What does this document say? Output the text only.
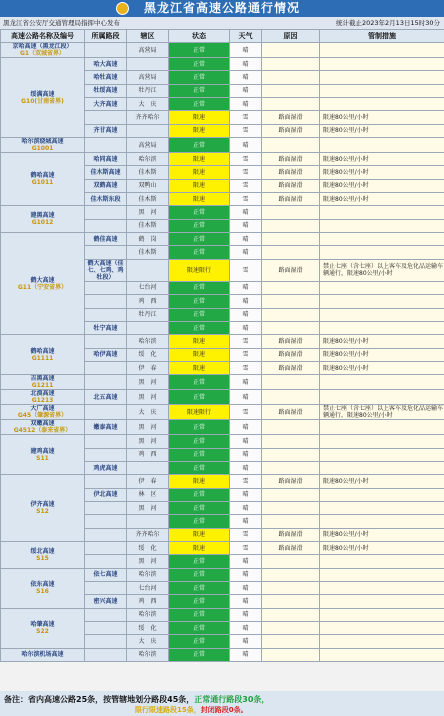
黑龙江省高速公路通行情况
黑龙江省公安厅交通管理局指挥中心发布	统计截止2023年2月13日15时30分
高速公路名称及编号	所属路段	辖区	状态	天气	原因	管制措施

京哈高速（黑龙江段）
G1（双城省界）		高营局	正常	晴		

绥满高速
G10(甘南省界)	哈大高速		正常	晴		
	哈牡高速	高营局	正常	晴		
	牡绥高速	牡丹江	正常	晴		
	大齐高速	大　庆	正常	晴		
		齐齐哈尔	限速	雪	路面湿滑	限速80公里/小时
	齐甘高速		限速	雪	路面湿滑	限速80公里/小时

哈尔滨绕城高速
G1001		高营局	正常	晴		

鹤哈高速
G1011	哈同高速	哈尔滨	限速	雪	路面湿滑	限速80公里/小时
	佳木斯高速	佳木斯	限速	雪	路面湿滑	限速80公里/小时
	双鹤高速	双鸭山	限速	雪	路面湿滑	限速80公里/小时
	佳木斯东段	佳木斯	限速	雪	路面湿滑	限速80公里/小时

建黑高速
G1012		黑　河	正常	晴		
		佳木斯	正常	晴		

鹤大高速
G11（宁安省界）	鹤佳高速	鹤　岗	正常	晴		
		佳木斯	正常	晴		
	鹤大高速（佳七、七鸡、鸡牡段）		限速限行	雪	路面湿滑	禁止七座（含七座）以上客车及危化品运输车辆通行，限速80公里/小时
		七台河	正常	晴		
		鸡　西	正常	晴		
		牡丹江	正常	晴		
	牡宁高速		正常	晴		

鹤哈高速
G1111		哈尔滨	限速	雪	路面湿滑	限速80公里/小时
	哈伊高速	绥　化	限速	雪	路面湿滑	限速80公里/小时
		伊　春	限速	雪	路面湿滑	限速80公里/小时

吉黑高速
G1211		黑　河	正常	晴		

北漠高速
G1213	北五高速	黑　河	正常	晴		

大广高速
G45（肇源省界）		大　庆	限速限行	雪	路面湿滑	禁止七座（含七座）以上客车及危化品运输车辆通行，限速80公里/小时

双嫩高速
G4512（泰来省界）	嫩泰高速	黑　河	正常	晴		

建鸡高速
S11		黑　河	正常	晴		
		鸡　西	正常	晴		
	鸡虎高速		正常	晴		

伊齐高速
S12		伊　春	限速	雪	路面湿滑	限速80公里/小时
	伊北高速	林　区	正常	晴		
		黑　河	正常	晴		
			正常	晴		
		齐齐哈尔	限速	雪	路面湿滑	限速80公里/小时

绥北高速
S15		绥　化	限速	雪	路面湿滑	限速80公里/小时
		黑　河	正常	晴		

依东高速
S16	依七高速	哈尔滨	正常	晴		
		七台河	正常	晴		
	密兴高速	鸡　西	正常	晴		

哈肇高速
S22		哈尔滨	正常	晴		
		绥　化	正常	晴		
		大　庆	正常	晴		

哈尔滨机场高速		哈尔滨	正常	晴		
备注：省内高速公路25条，按管辖地划分路段45条，正常通行路段30条，
限行限速路段15条，封闭路段0条。
